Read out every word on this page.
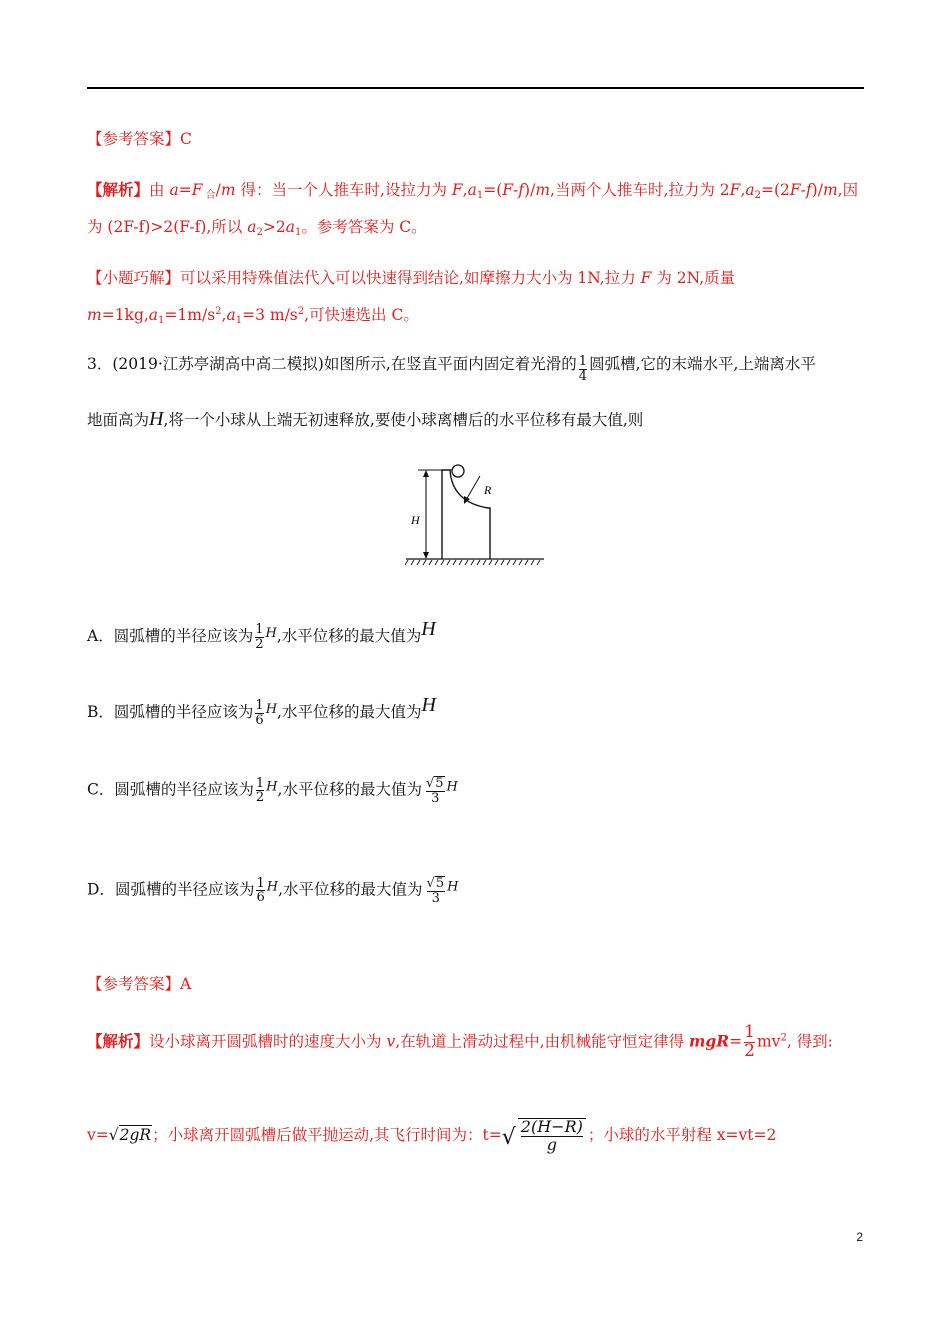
【参考答案】C
【解析】由 a=F $_合$/m 得：当一个人推车时,设拉力为 $F,a_1=(F-f)/m$,当两个人推车时,拉力为 $2F,a_2=(2F-f)/m$,因
为 (2F-f)>2(F-f),所以 $a_2>2a_1$。参考答案为 C。
【小题巧解】可以采用特殊值法代入可以快速得到结论,如摩擦力大小为 1N,拉力 F 为 2N,质量
$m=1kg,a_1=1m/s^2,a_1=3$ $m/s^2$,可快速选出 C。
3．(2019·江苏亭湖高中高二模拟)如图所示,在竖直平面内固定着光滑的 $\frac{1}{4}$ 圆弧槽,它的末端水平,上端离水平
地面高为H,将一个小球从上端无初速释放,要使小球离槽后的水平位移有最大值,则
H
R
A．圆弧槽的半径应该为 $\frac{1}{2} ^H$,水平位移的最大值为H
B．圆弧槽的半径应该为 $\frac{1}{6} ^H$,水平位移的最大值为H
C．圆弧槽的半径应该为 $\frac{1}{2} ^H$,水平位移的最大值为 $\frac{√5}{3} ^H$
D．圆弧槽的半径应该为 $\frac{1}{6} ^H$,水平位移的最大值为 $\frac{√5}{3} ^H$
【参考答案】A
【解析】设小球离开圆弧槽时的速度大小为 v,在轨道上滑动过程中,由机械能守恒定律得 $mgR= \frac{1}{2} mv^2$, 得到:
v=√2gR；小球离开圆弧槽后做平抛运动,其飞行时间为：$t=√ \frac{2(H-R)}{g}$ ；小球的水平射程 x=vt=2
2
